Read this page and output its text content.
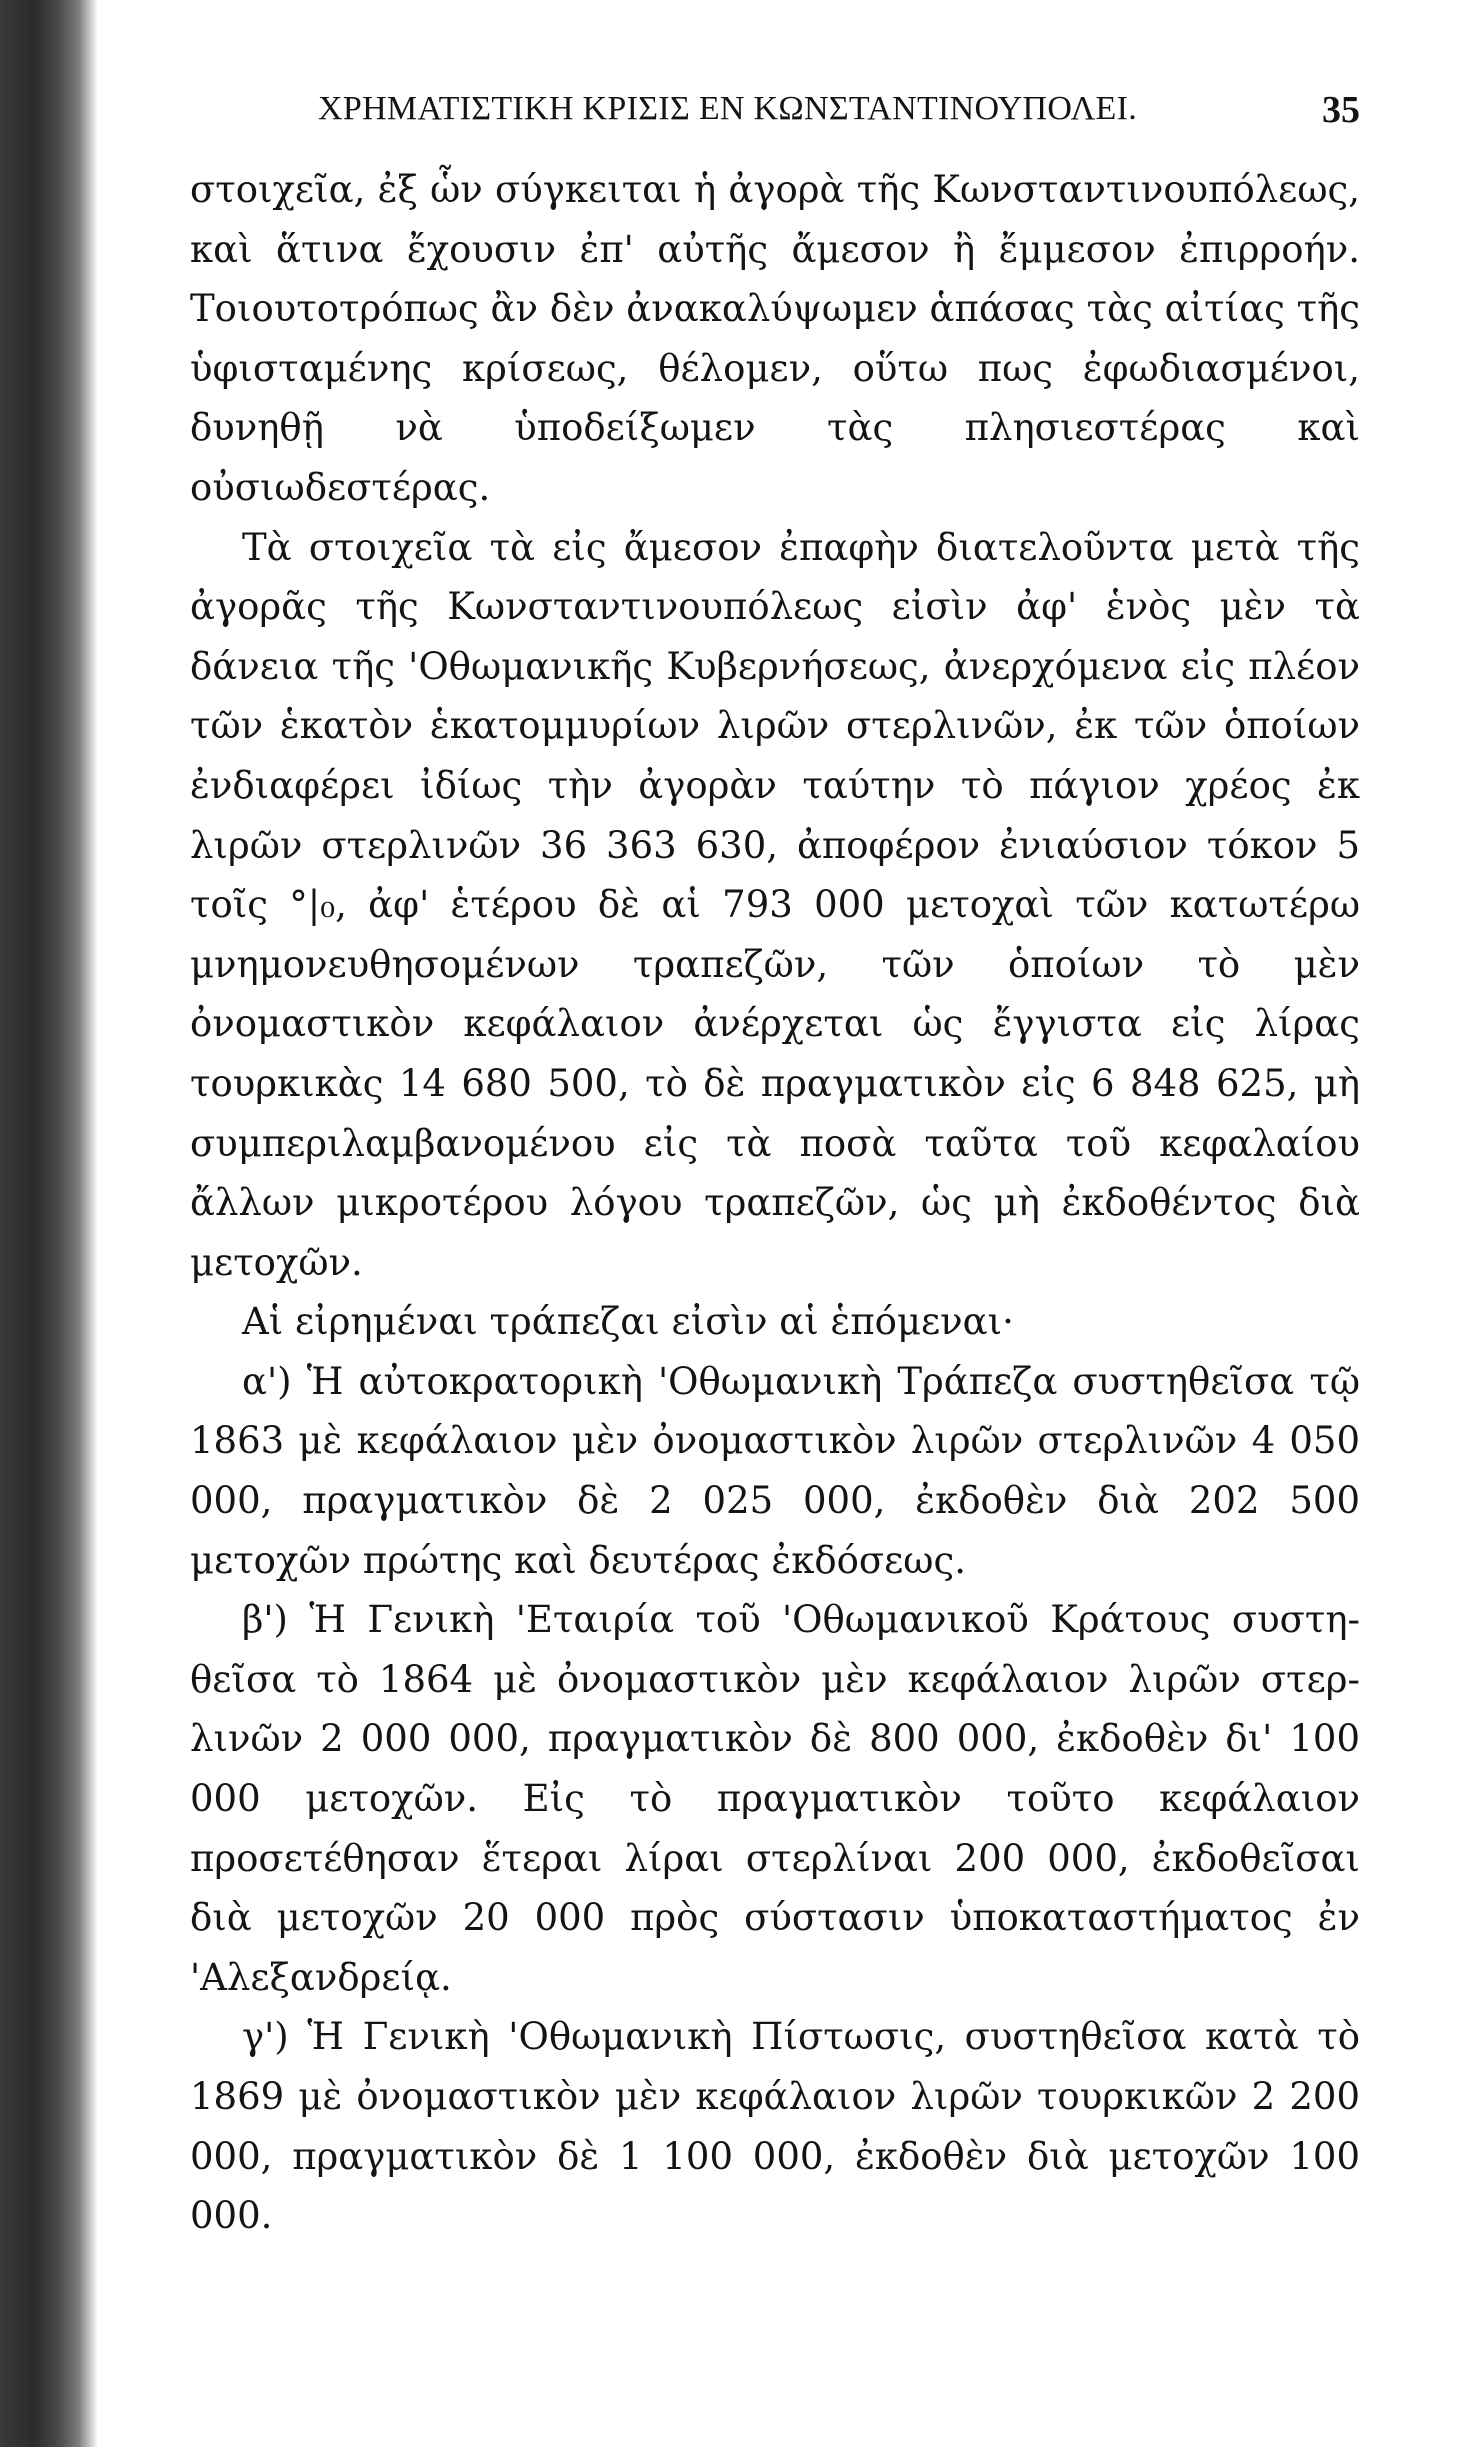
ΧΡΗΜΑΤΙΣΤΙΚΗ ΚΡΙΣΙΣ ΕΝ ΚΩΝΣΤΑΝΤΙΝΟΥΠΟΛΕΙ.	35

στοιχεῖα, ἐξ ὧν σύγκειται ἡ ἀγορὰ τῆς Κωνσταντινουπόλεως, καὶ ἅτινα ἔχουσιν ἐπ' αὐτῆς ἄμεσον ἢ ἔμμεσον ἐπιρροήν. Τοιουτοτρόπως ἂν δὲν ἀνακαλύψωμεν ἁπάσας τὰς αἰτίας τῆς ὑφισταμένης κρίσεως, θέλομεν, οὕτω πως ἐφωδιασμένοι, δυνηθῇ νὰ ὑποδείξωμεν τὰς πλησιεστέρας καὶ οὐσιωδεστέρας.

Τὰ στοιχεῖα τὰ εἰς ἄμεσον ἐπαφὴν διατελοῦντα μετὰ τῆς ἀγορᾶς τῆς Κωνσταντινουπόλεως εἰσὶν ἀφ' ἑνὸς μὲν τὰ δάνεια τῆς 'Οθωμανικῆς Κυβερνήσεως, ἀνερχόμενα εἰς πλέον τῶν ἑκατὸν ἑκατομμυρίων λιρῶν στερλινῶν, ἐκ τῶν ὁποίων ἐνδιαφέρει ἰδίως τὴν ἀγορὰν ταύτην τὸ πάγιον χρέος ἐκ λιρῶν στερλινῶν 36 363 630, ἀποφέρον ἐνιαύσιον τόκον 5 τοῖς °|₀, ἀφ' ἑτέρου δὲ αἱ 793 000 μετοχαὶ τῶν κατωτέρω μνημονευθησομένων τραπεζῶν, τῶν ὁποίων τὸ μὲν ὀνομαστικὸν κεφάλαιον ἀνέρχεται ὡς ἔγγιστα εἰς λίρας τουρκικὰς 14 680 500, τὸ δὲ πραγματικὸν εἰς 6 848 625, μὴ συμπεριλαμβανομένου εἰς τὰ ποσὰ ταῦτα τοῦ κεφαλαίου ἄλλων μικροτέρου λόγου τραπεζῶν, ὡς μὴ ἐκδοθέντος διὰ μετοχῶν.

Αἱ εἰρημέναι τράπεζαι εἰσὶν αἱ ἑπόμεναι·

α') Ἡ αὐτοκρατορικὴ 'Οθωμανικὴ Τράπεζα συστηθεῖσα τῷ 1863 μὲ κεφάλαιον μὲν ὀνομαστικὸν λιρῶν στερλινῶν 4 050 000, πραγματικὸν δὲ 2 025 000, ἐκδοθὲν διὰ 202 500 μετοχῶν πρώτης καὶ δευτέρας ἐκδόσεως.

β') Ἡ Γενικὴ 'Εταιρία τοῦ 'Οθωμανικοῦ Κράτους συστηθεῖσα τὸ 1864 μὲ ὀνομαστικὸν μὲν κεφάλαιον λιρῶν στερλινῶν 2 000 000, πραγματικὸν δὲ 800 000, ἐκδοθὲν δι' 100 000 μετοχῶν. Εἰς τὸ πραγματικὸν τοῦτο κεφάλαιον προσετέθησαν ἕτεραι λίραι στερλίναι 200 000, ἐκδοθεῖσαι διὰ μετοχῶν 20 000 πρὸς σύστασιν ὑποκαταστήματος ἐν 'Αλεξανδρείᾳ.

γ') Ἡ Γενικὴ 'Οθωμανικὴ Πίστωσις, συστηθεῖσα κατὰ τὸ 1869 μὲ ὀνομαστικὸν μὲν κεφάλαιον λιρῶν τουρκικῶν 2 200 000, πραγματικὸν δὲ 1 100 000, ἐκδοθὲν διὰ μετοχῶν 100 000.
